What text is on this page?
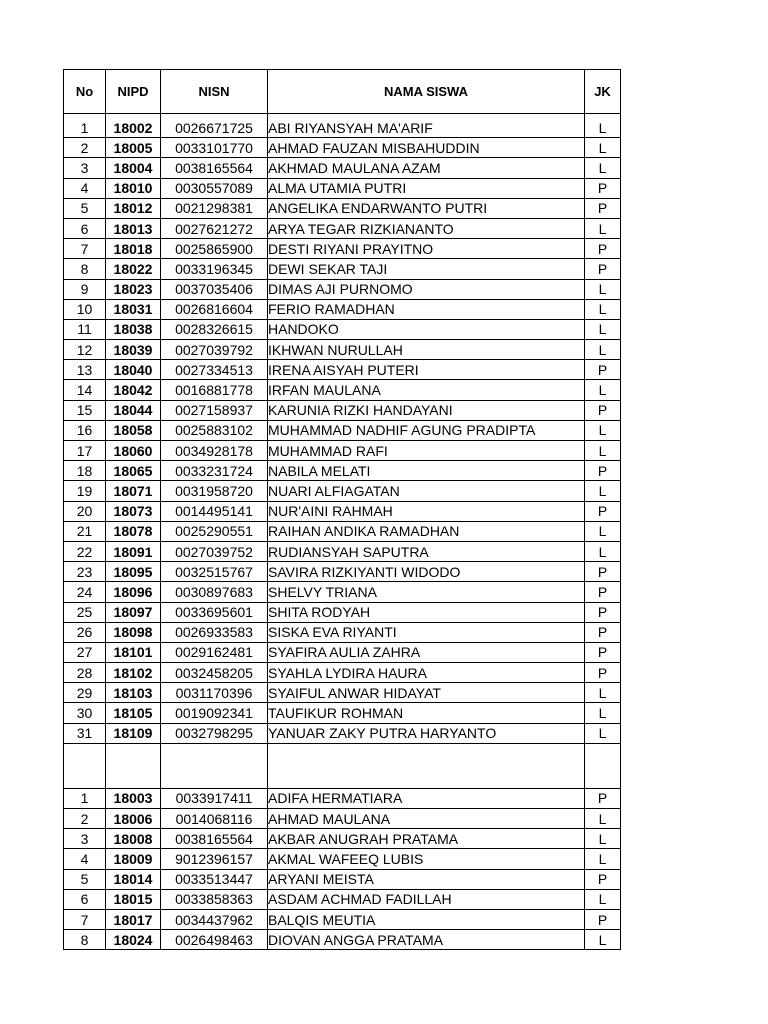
No	NIPD	NISN	NAMA SISWA	JK

1	18002	0026671725	ABI RIYANSYAH MA'ARIF	L
2	18005	0033101770	AHMAD FAUZAN MISBAHUDDIN	L
3	18004	0038165564	AKHMAD MAULANA AZAM	L
4	18010	0030557089	ALMA UTAMIA PUTRI	P
5	18012	0021298381	ANGELIKA ENDARWANTO PUTRI	P
6	18013	0027621272	ARYA TEGAR RIZKIANANTO	L
7	18018	0025865900	DESTI RIYANI PRAYITNO	P
8	18022	0033196345	DEWI SEKAR TAJI	P
9	18023	0037035406	DIMAS AJI PURNOMO	L
10	18031	0026816604	FERIO RAMADHAN	L
11	18038	0028326615	HANDOKO	L
12	18039	0027039792	IKHWAN NURULLAH	L
13	18040	0027334513	IRENA AISYAH PUTERI	P
14	18042	0016881778	IRFAN MAULANA	L
15	18044	0027158937	KARUNIA RIZKI HANDAYANI	P
16	18058	0025883102	MUHAMMAD NADHIF AGUNG PRADIPTA	L
17	18060	0034928178	MUHAMMAD RAFI	L
18	18065	0033231724	NABILA MELATI	P
19	18071	0031958720	NUARI ALFIAGATAN	L
20	18073	0014495141	NUR'AINI RAHMAH	P
21	18078	0025290551	RAIHAN ANDIKA RAMADHAN	L
22	18091	0027039752	RUDIANSYAH SAPUTRA	L
23	18095	0032515767	SAVIRA RIZKIYANTI WIDODO	P
24	18096	0030897683	SHELVY TRIANA	P
25	18097	0033695601	SHITA RODYAH	P
26	18098	0026933583	SISKA EVA RIYANTI	P
27	18101	0029162481	SYAFIRA AULIA ZAHRA	P
28	18102	0032458205	SYAHLA LYDIRA HAURA	P
29	18103	0031170396	SYAIFUL ANWAR HIDAYAT	L
30	18105	0019092341	TAUFIKUR ROHMAN	L
31	18109	0032798295	YANUAR ZAKY PUTRA HARYANTO	L

1	18003	0033917411	ADIFA HERMATIARA	P
2	18006	0014068116	AHMAD MAULANA	L
3	18008	0038165564	AKBAR ANUGRAH PRATAMA	L
4	18009	9012396157	AKMAL WAFEEQ LUBIS	L
5	18014	0033513447	ARYANI MEISTA	P
6	18015	0033858363	ASDAM ACHMAD FADILLAH	L
7	18017	0034437962	BALQIS MEUTIA	P
8	18024	0026498463	DIOVAN ANGGA PRATAMA	L
